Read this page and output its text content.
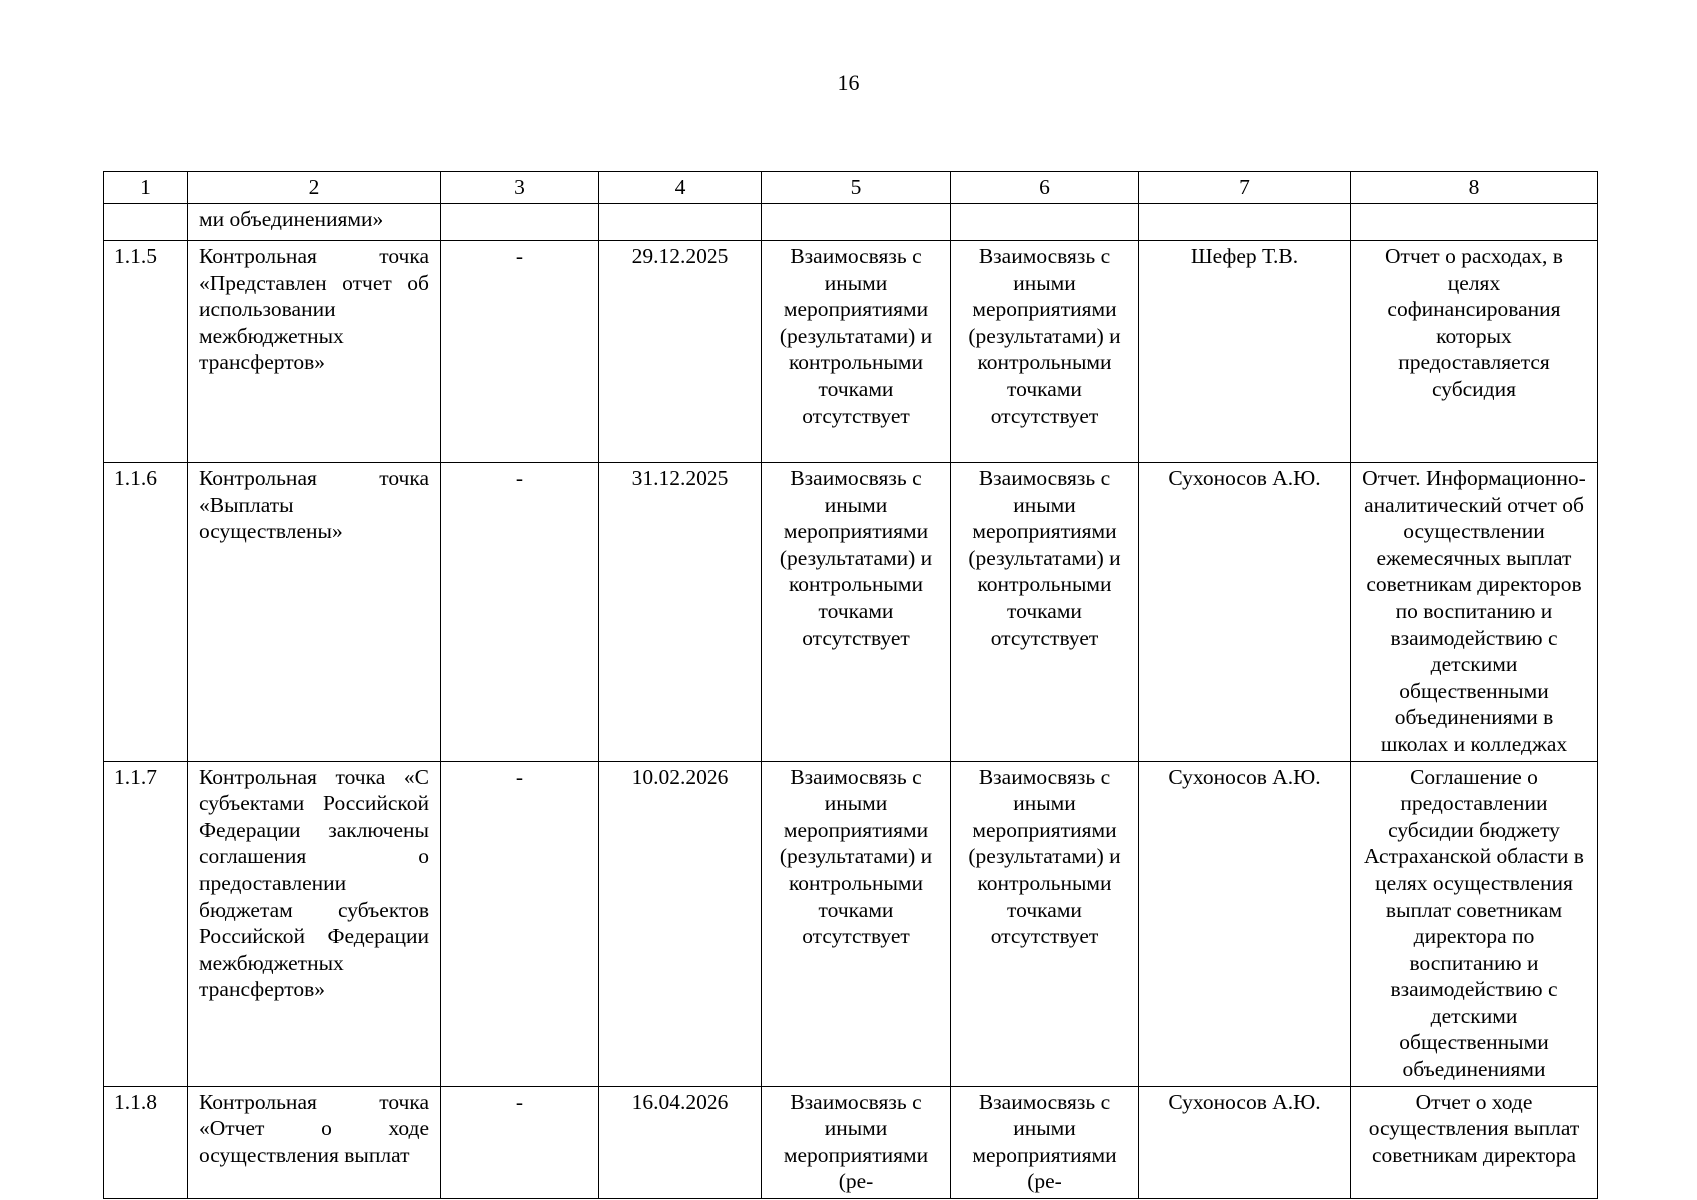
16
1	2	3	4	5	6	7	8
	ми объединениями»						
1.1.5	Контрольная точка «Представлен отчет об использовании межбюджетных трансфертов»	-	29.12.2025	Взаимосвязь с иными мероприятиями (результатами) и контрольными точками отсутствует	Взаимосвязь с иными мероприятиями (результатами) и контрольными точками отсутствует	Шефер Т.В.	Отчет о расходах, в целях софинансирования которых предоставляется субсидия
1.1.6	Контрольная точка «Выплаты осуществлены»	-	31.12.2025	Взаимосвязь с иными мероприятиями (результатами) и контрольными точками отсутствует	Взаимосвязь с иными мероприятиями (результатами) и контрольными точками отсутствует	Сухоносов А.Ю.	Отчет. Информационно-аналитический отчет об осуществлении ежемесячных выплат советникам директоров по воспитанию и взаимодействию с детскими общественными объединениями в школах и колледжах
1.1.7	Контрольная точка «С субъектами Российской Федерации заключены соглашения о предоставлении бюджетам субъектов Российской Федерации межбюджетных трансфертов»	-	10.02.2026	Взаимосвязь с иными мероприятиями (результатами) и контрольными точками отсутствует	Взаимосвязь с иными мероприятиями (результатами) и контрольными точками отсутствует	Сухоносов А.Ю.	Соглашение о предоставлении субсидии бюджету Астраханской области в целях осуществления выплат советникам директора по воспитанию и взаимодействию с детскими общественными объединениями
1.1.8	Контрольная точка «Отчет о ходе осуществления выплат	-	16.04.2026	Взаимосвязь с иными мероприятиями (ре-	Взаимосвязь с иными мероприятиями (ре-	Сухоносов А.Ю.	Отчет о ходе осуществления выплат советникам директора
